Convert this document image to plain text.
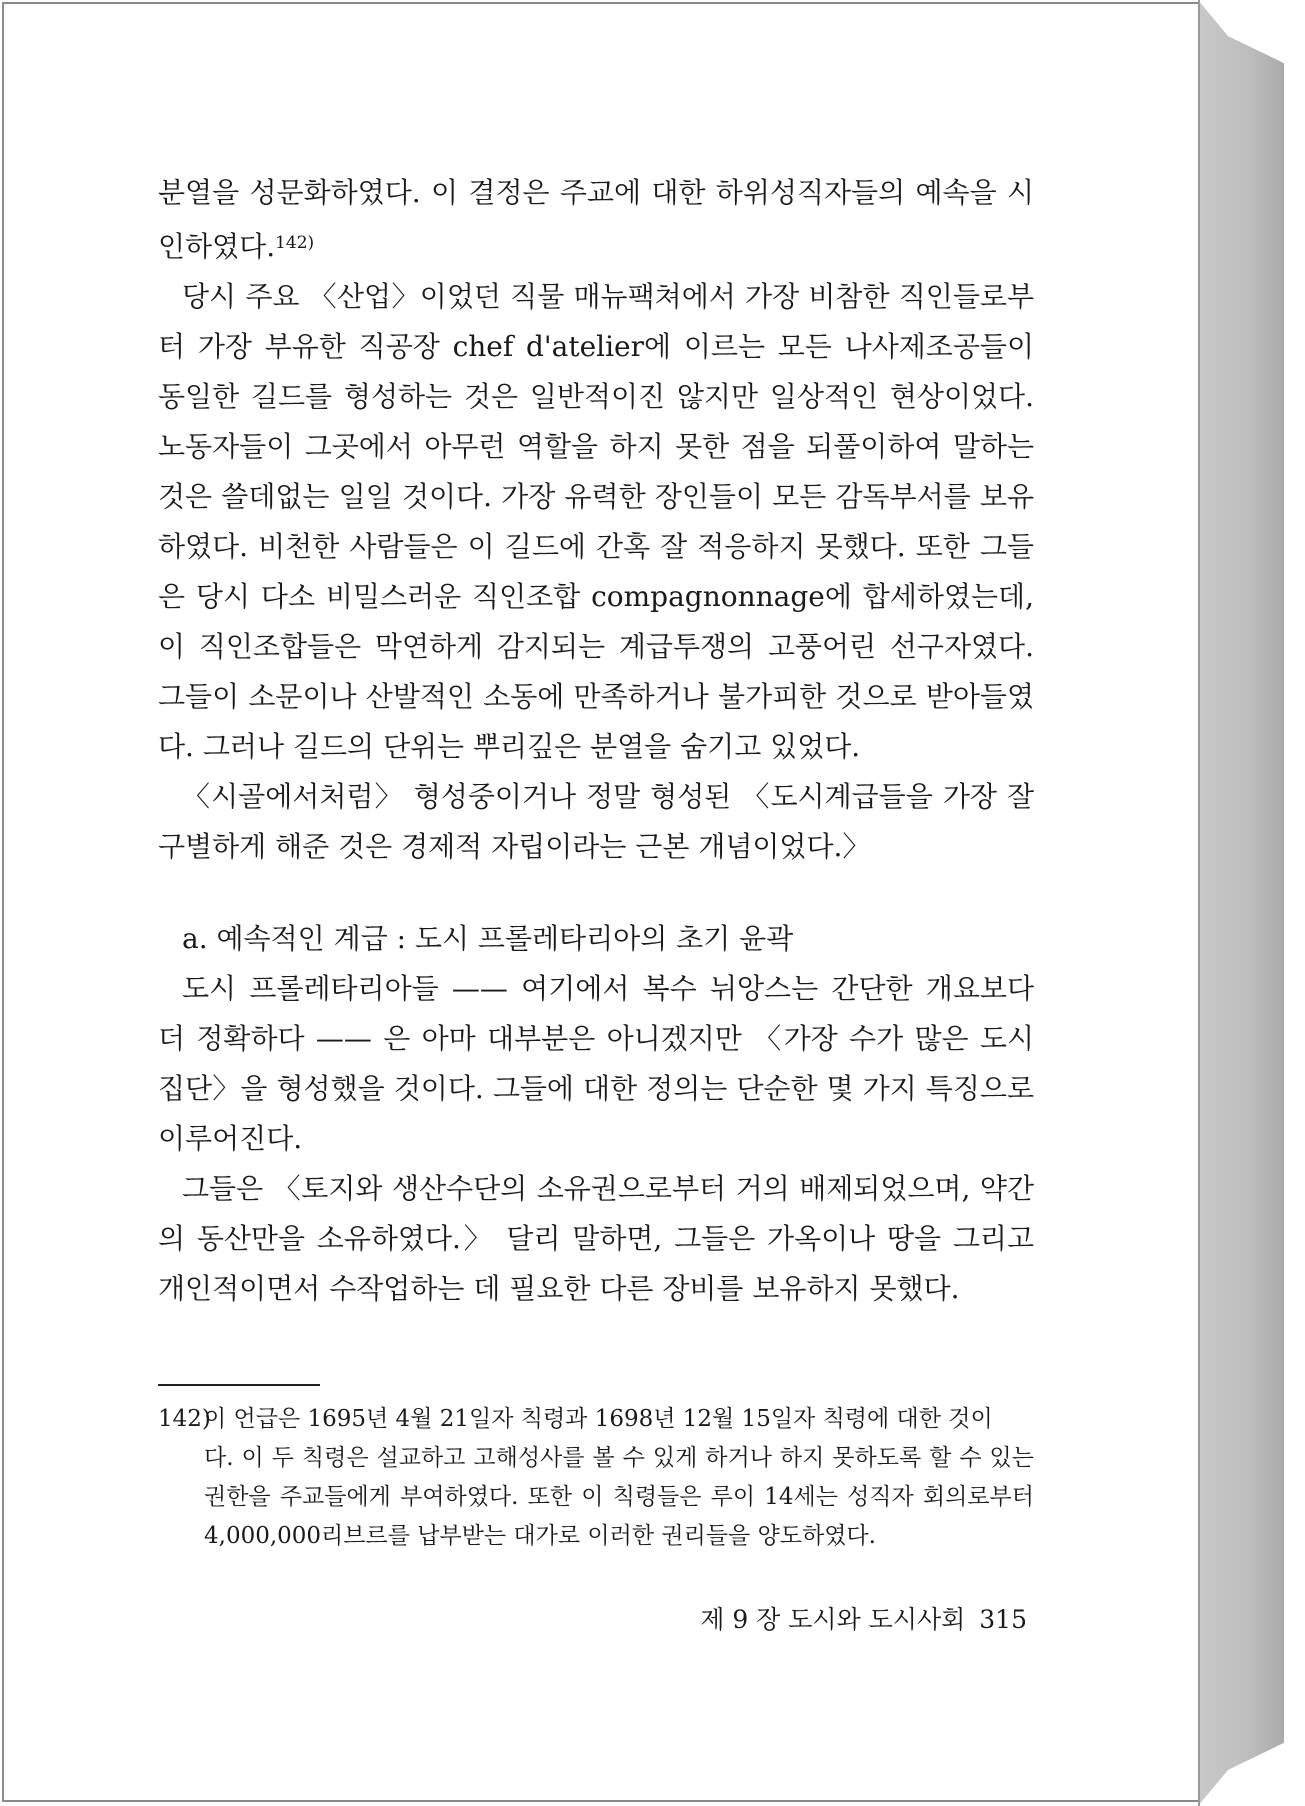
분열을 성문화하였다. 이 결정은 주교에 대한 하위성직자들의 예속을 시인하였다.$^{142)}$

당시 주요 〈산업〉이었던 직물 매뉴팩쳐에서 가장 비참한 직인들로부터 가장 부유한 직공장 chef d'atelier에 이르는 모든 나사제조공들이 동일한 길드를 형성하는 것은 일반적이진 않지만 일상적인 현상이었다. 노동자들이 그곳에서 아무런 역할을 하지 못한 점을 되풀이하여 말하는 것은 쓸데없는 일일 것이다. 가장 유력한 장인들이 모든 감독부서를 보유하였다. 비천한 사람들은 이 길드에 간혹 잘 적응하지 못했다. 또한 그들은 당시 다소 비밀스러운 직인조합 compagnonnage에 합세하였는데, 이 직인조합들은 막연하게 감지되는 계급투쟁의 고풍어린 선구자였다. 그들이 소문이나 산발적인 소동에 만족하거나 불가피한 것으로 받아들였다. 그러나 길드의 단위는 뿌리깊은 분열을 숨기고 있었다.

〈시골에서처럼〉 형성중이거나 정말 형성된 〈도시계급들을 가장 잘 구별하게 해준 것은 경제적 자립이라는 근본 개념이었다.〉

a. 예속적인 계급 : 도시 프롤레타리아의 초기 윤곽

도시 프롤레타리아들 —— 여기에서 복수 뉘앙스는 간단한 개요보다 더 정확하다 —— 은 아마 대부분은 아니겠지만 〈가장 수가 많은 도시 집단〉을 형성했을 것이다. 그들에 대한 정의는 단순한 몇 가지 특징으로 이루어진다.

그들은 〈토지와 생산수단의 소유권으로부터 거의 배제되었으며, 약간의 동산만을 소유하였다.〉 달리 말하면, 그들은 가옥이나 땅을 그리고 개인적이면서 수작업하는 데 필요한 다른 장비를 보유하지 못했다.

142)이 언급은 1695년 4월 21일자 칙령과 1698년 12월 15일자 칙령에 대한 것이
다. 이 두 칙령은 설교하고 고해성사를 볼 수 있게 하거나 하지 못하도록 할 수 있는 권한을 주교들에게 부여하였다. 또한 이 칙령들은 루이 14세는 성직자 회의로부터 4,000,000리브르를 납부받는 대가로 이러한 권리들을 양도하였다.
제 9 장 도시와 도시사회 315
